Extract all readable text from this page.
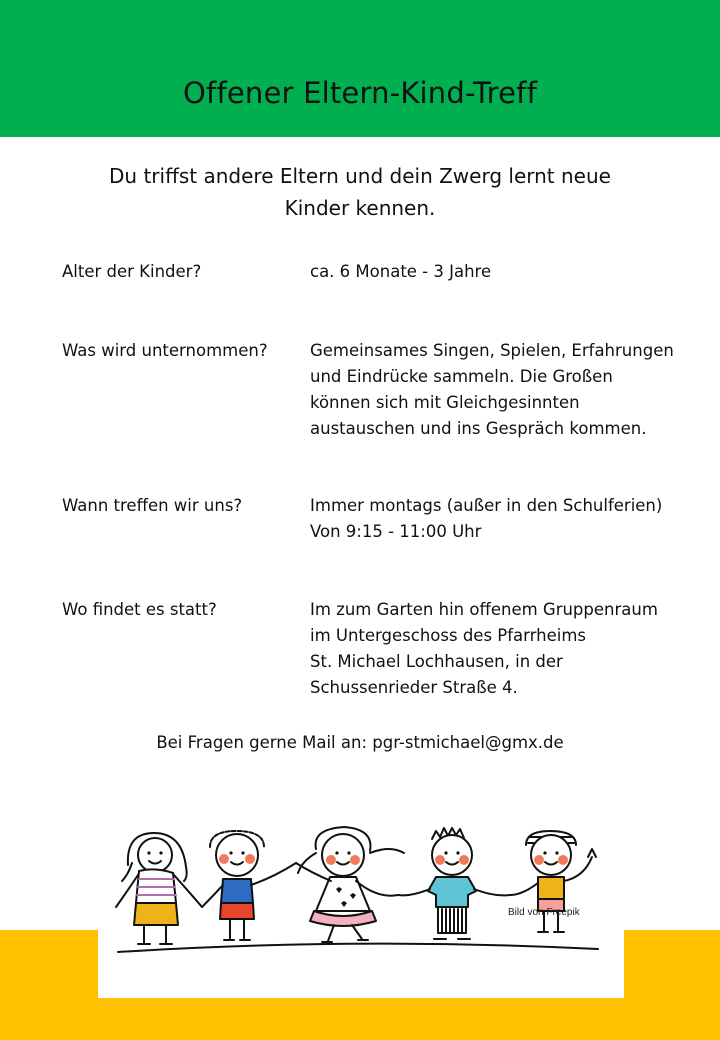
Offener Eltern-Kind-Treff
Du triffst andere Eltern und dein Zwerg lernt neue
Kinder kennen.
Alter der Kinder?	ca. 6 Monate - 3 Jahre
Was wird unternommen?	Gemeinsames Singen, Spielen, Erfahrungen
und Eindrücke sammeln. Die Großen
können sich mit Gleichgesinnten
austauschen und ins Gespräch kommen.
Wann treffen wir uns?	Immer montags (außer in den Schulferien)
Von 9:15 - 11:00 Uhr
Wo findet es statt?	Im zum Garten hin offenem Gruppenraum
im Untergeschoss des Pfarrheims
St. Michael Lochhausen, in der
Schussenrieder Straße 4.
Bei Fragen gerne Mail an: pgr-stmichael@gmx.de
Bild von Freepik
